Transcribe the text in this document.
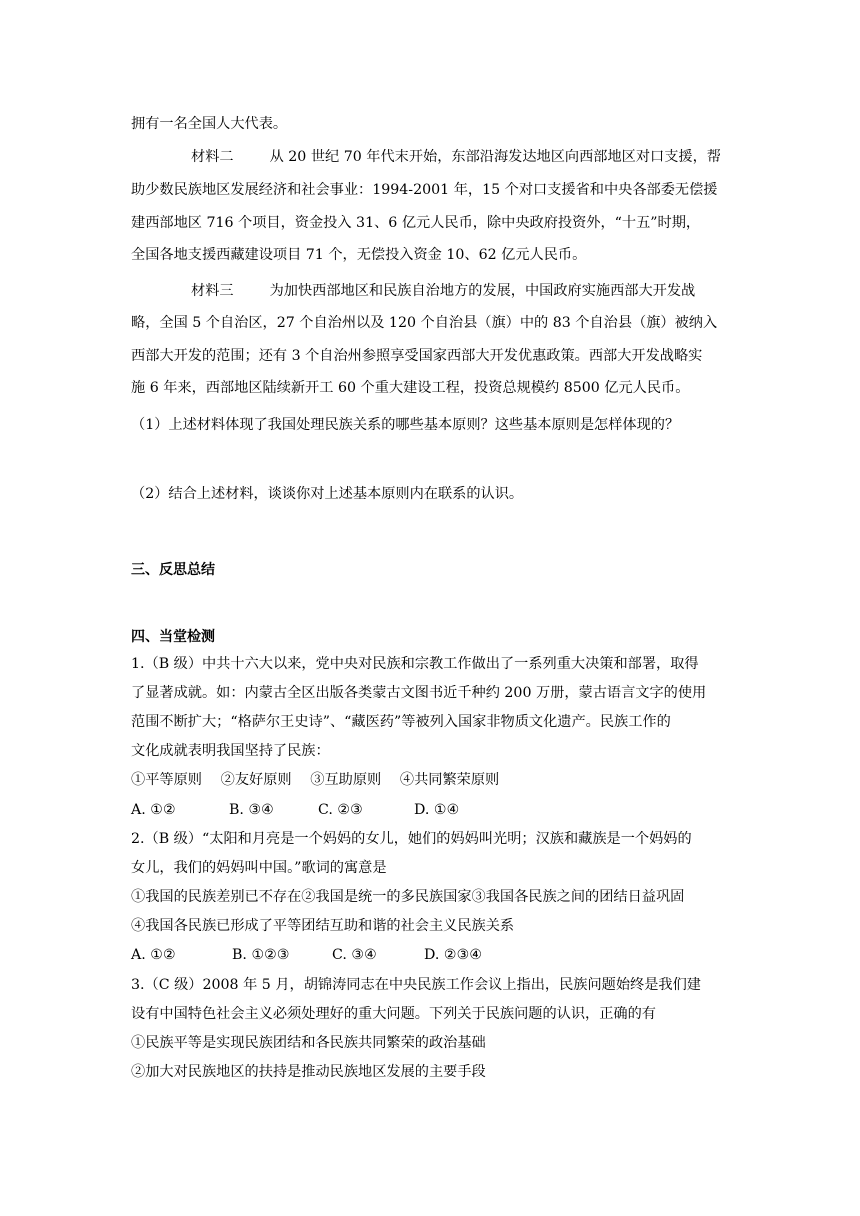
拥有一名全国人大代表。
材料二	从 20 世纪 70 年代末开始，东部沿海发达地区向西部地区对口支援，帮
助少数民族地区发展经济和社会事业：1994-2001 年，15 个对口支援省和中央各部委无偿援
建西部地区 716 个项目，资金投入 31、6 亿元人民币，除中央政府投资外，“十五”时期，
全国各地支援西藏建设项目 71 个，无偿投入资金 10、62 亿元人民币。
材料三	为加快西部地区和民族自治地方的发展，中国政府实施西部大开发战
略，全国 5 个自治区，27 个自治州以及 120 个自治县（旗）中的 83 个自治县（旗）被纳入
西部大开发的范围；还有 3 个自治州参照享受国家西部大开发优惠政策。西部大开发战略实
施 6 年来，西部地区陆续新开工 60 个重大建设工程，投资总规模约 8500 亿元人民币。
（1）上述材料体现了我国处理民族关系的哪些基本原则？这些基本原则是怎样体现的？
（2）结合上述材料，谈谈你对上述基本原则内在联系的认识。
三、反思总结
四、当堂检测
1.（B 级）中共十六大以来，党中央对民族和宗教工作做出了一系列重大决策和部署，取得
了显著成就。如：内蒙古全区出版各类蒙古文图书近千种约 200 万册，蒙古语言文字的使用
范围不断扩大；“格萨尔王史诗”、“藏医药”等被列入国家非物质文化遗产。民族工作的
文化成就表明我国坚持了民族：
①平等原则　 ②友好原则　 ③互助原则　 ④共同繁荣原则
A. ①②	B. ③④	C. ②③	D. ①④
2.（B 级）“太阳和月亮是一个妈妈的女儿，她们的妈妈叫光明；汉族和藏族是一个妈妈的
女儿，我们的妈妈叫中国。”歌词的寓意是
①我国的民族差别已不存在②我国是统一的多民族国家③我国各民族之间的团结日益巩固
④我国各民族已形成了平等团结互助和谐的社会主义民族关系
A. ①②	B. ①②③	C. ③④	D. ②③④
3.（C 级）2008 年 5 月，胡锦涛同志在中央民族工作会议上指出，民族问题始终是我们建
设有中国特色社会主义必须处理好的重大问题。下列关于民族问题的认识，正确的有
①民族平等是实现民族团结和各民族共同繁荣的政治基础
②加大对民族地区的扶持是推动民族地区发展的主要手段
